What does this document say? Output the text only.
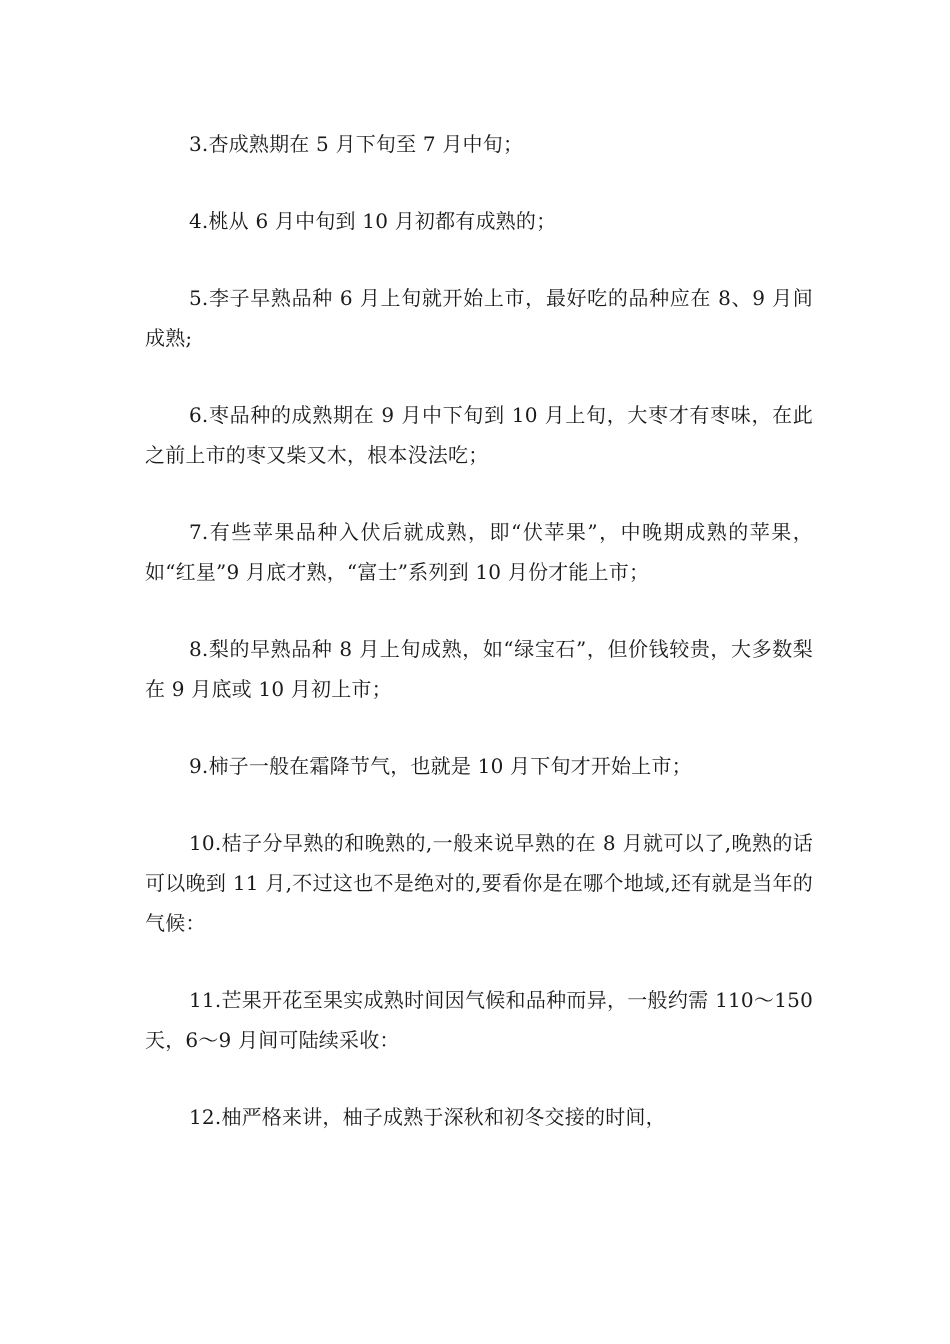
3.杏成熟期在 5 月下旬至 7 月中旬；

4.桃从 6 月中旬到 10 月初都有成熟的；

5.李子早熟品种 6 月上旬就开始上市，最好吃的品种应在 8、9 月间成熟;

6.枣品种的成熟期在 9 月中下旬到 10 月上旬，大枣才有枣味，在此之前上市的枣又柴又木，根本没法吃；

7.有些苹果品种入伏后就成熟，即“伏苹果”，中晚期成熟的苹果，如“红星”9 月底才熟，“富士”系列到 10 月份才能上市；

8.梨的早熟品种 8 月上旬成熟，如“绿宝石”，但价钱较贵，大多数梨在 9 月底或 10 月初上市；

9.柿子一般在霜降节气，也就是 10 月下旬才开始上市；

10.桔子分早熟的和晚熟的,一般来说早熟的在 8 月就可以了,晚熟的话可以晚到 11 月,不过这也不是绝对的,要看你是在哪个地域,还有就是当年的气候：

11.芒果开花至果实成熟时间因气候和品种而异，一般约需 110～150 天，6～9 月间可陆续采收：

12.柚严格来讲，柚子成熟于深秋和初冬交接的时间，
